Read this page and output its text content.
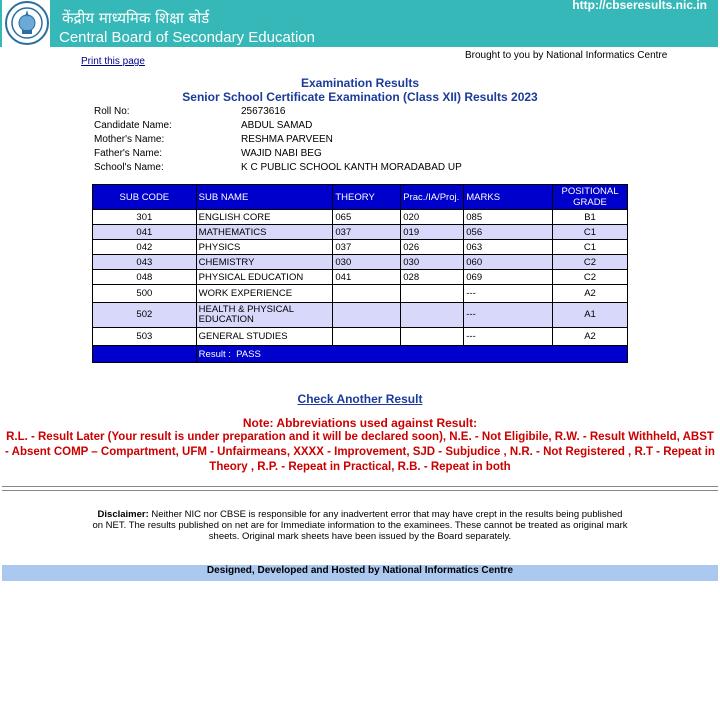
केंद्रीय माध्यमिक शिक्षा बोर्ड
Central Board of Secondary Education
http://cbseresults.nic.in
Print this page
Brought to you by National Informatics Centre
Examination Results
Senior School Certificate Examination (Class XII) Results 2023
Roll No:	25673616
Candidate Name:	ABDUL SAMAD
Mother's Name:	RESHMA PARVEEN
Father's Name:	WAJID NABI BEG
School's Name:	K C PUBLIC SCHOOL KANTH MORADABAD UP
SUB CODE	SUB NAME	THEORY	Prac./IA/Proj.	MARKS	POSITIONAL GRADE
301	ENGLISH CORE	065	020	085	B1
041	MATHEMATICS	037	019	056	C1
042	PHYSICS	037	026	063	C1
043	CHEMISTRY	030	030	060	C2
048	PHYSICAL EDUCATION	041	028	069	C2
500	WORK EXPERIENCE			---	A2
502	HEALTH & PHYSICAL EDUCATION			---	A1
503	GENERAL STUDIES			---	A2
	Result : PASS				
Check Another Result
Note: Abbreviations used against Result:
R.L. - Result Later (Your result is under preparation and it will be declared soon), N.E. - Not Eligibile, R.W. - Result Withheld, ABST - Absent COMP – Compartment, UFM - Unfairmeans, XXXX - Improvement, SJD - Subjudice , N.R. - Not Registered , R.T - Repeat in Theory , R.P. - Repeat in Practical, R.B. - Repeat in both
Disclaimer: Neither NIC nor CBSE is responsible for any inadvertent error that may have crept in the results being published on NET. The results published on net are for Immediate information to the examinees. These cannot be treated as original mark sheets. Original mark sheets have been issued by the Board separately.
Designed, Developed and Hosted by National Informatics Centre
